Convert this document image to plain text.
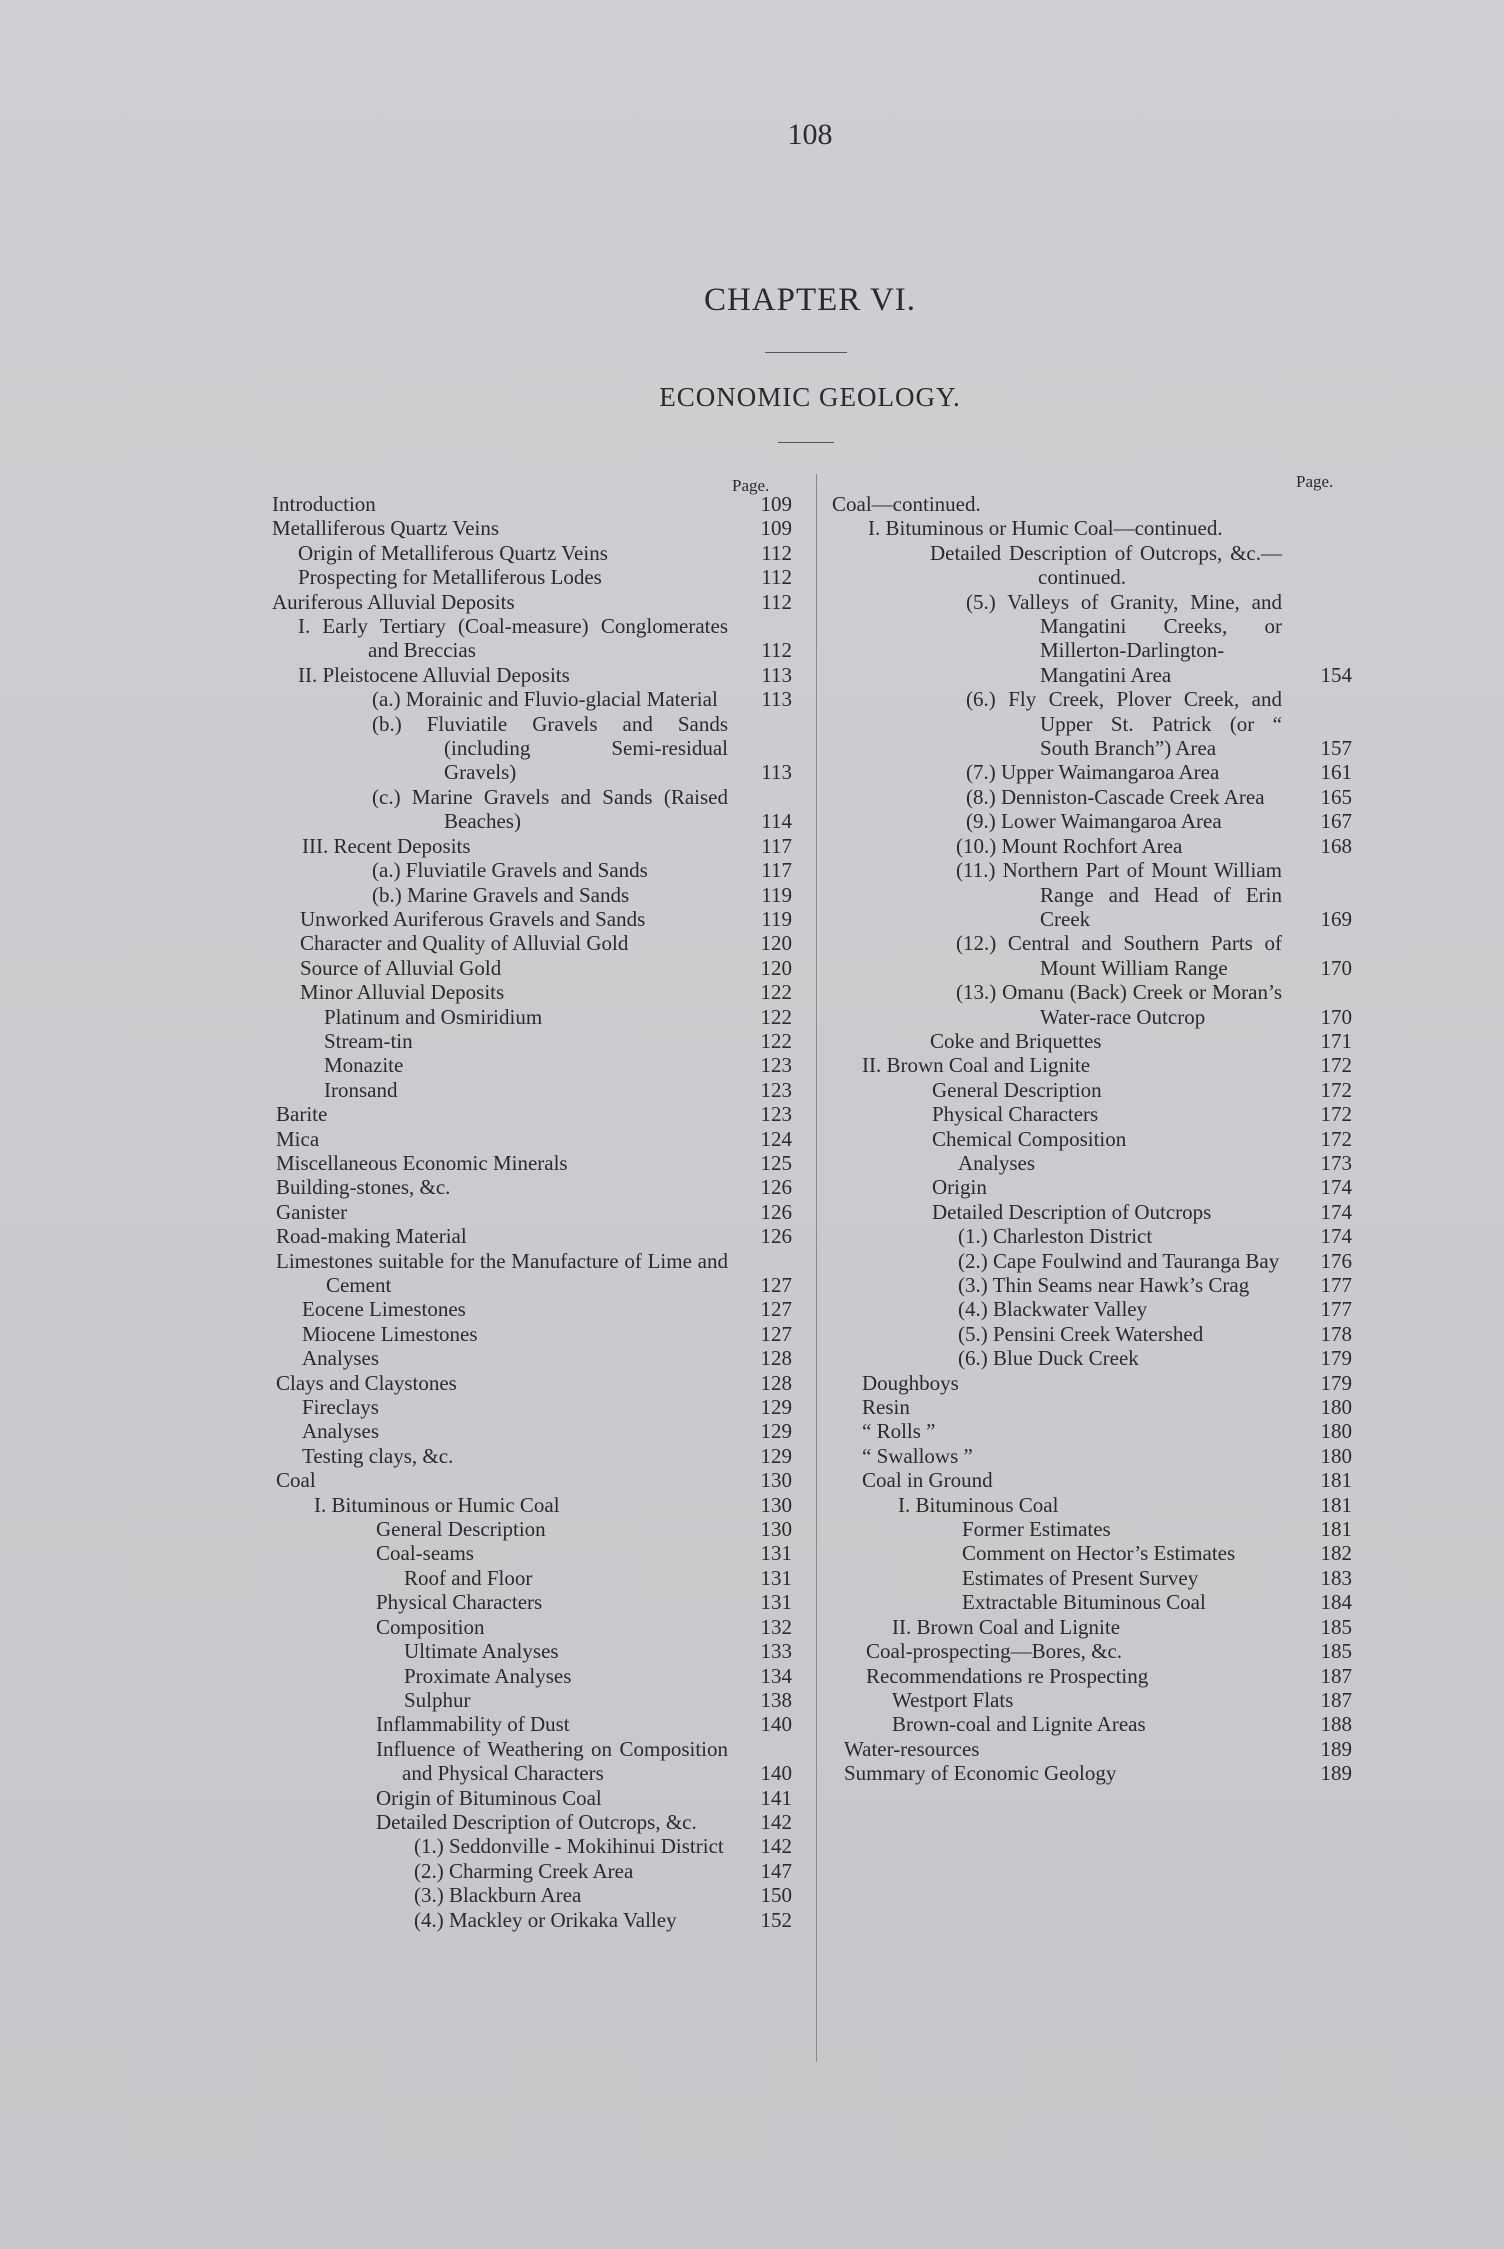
108
CHAPTER VI.
ECONOMIC GEOLOGY.
Page.	Page.
Introduction	109
Metalliferous Quartz Veins	109
Origin of Metalliferous Quartz Veins	112
Prospecting for Metalliferous Lodes	112
Auriferous Alluvial Deposits	112
I. Early Tertiary (Coal-measure) Conglomerates and Breccias	112
II. Pleistocene Alluvial Deposits	113
(a.) Morainic and Fluvio-glacial Material	113
(b.) Fluviatile Gravels and Sands (including Semi-residual Gravels)	113
(c.) Marine Gravels and Sands (Raised Beaches)	114
III. Recent Deposits	117
(a.) Fluviatile Gravels and Sands	117
(b.) Marine Gravels and Sands	119
Unworked Auriferous Gravels and Sands	119
Character and Quality of Alluvial Gold	120
Source of Alluvial Gold	120
Minor Alluvial Deposits	122
Platinum and Osmiridium	122
Stream-tin	122
Monazite	123
Ironsand	123
Barite	123
Mica	124
Miscellaneous Economic Minerals	125
Building-stones, &c.	126
Ganister	126
Road-making Material	126
Limestones suitable for the Manufacture of Lime and Cement	127
Eocene Limestones	127
Miocene Limestones	127
Analyses	128
Clays and Claystones	128
Fireclays	129
Analyses	129
Testing clays, &c.	129
Coal	130
I. Bituminous or Humic Coal	130
General Description	130
Coal-seams	131
Roof and Floor	131
Physical Characters	131
Composition	132
Ultimate Analyses	133
Proximate Analyses	134
Sulphur	138
Inflammability of Dust	140
Influence of Weathering on Composition and Physical Characters	140
Origin of Bituminous Coal	141
Detailed Description of Outcrops, &c.	142
(1.) Seddonville - Mokihinui District	142
(2.) Charming Creek Area	147
(3.) Blackburn Area	150
(4.) Mackley or Orikaka Valley	152
Coal—continued.
I. Bituminous or Humic Coal—continued.
Detailed Description of Outcrops, &c.—continued.
(5.) Valleys of Granity, Mine, and Mangatini Creeks, or Millerton-Darlington-Mangatini Area	154
(6.) Fly Creek, Plover Creek, and Upper St. Patrick (or “ South Branch”) Area	157
(7.) Upper Waimangaroa Area	161
(8.) Denniston-Cascade Creek Area	165
(9.) Lower Waimangaroa Area	167
(10.) Mount Rochfort Area	168
(11.) Northern Part of Mount William Range and Head of Erin Creek	169
(12.) Central and Southern Parts of Mount William Range	170
(13.) Omanu (Back) Creek or Moran’s Water-race Outcrop	170
Coke and Briquettes	171
II. Brown Coal and Lignite	172
General Description	172
Physical Characters	172
Chemical Composition	172
Analyses	173
Origin	174
Detailed Description of Outcrops	174
(1.) Charleston District	174
(2.) Cape Foulwind and Tauranga Bay	176
(3.) Thin Seams near Hawk’s Crag	177
(4.) Blackwater Valley	177
(5.) Pensini Creek Watershed	178
(6.) Blue Duck Creek	179
Doughboys	179
Resin	180
“ Rolls ”	180
“ Swallows ”	180
Coal in Ground	181
I. Bituminous Coal	181
Former Estimates	181
Comment on Hector’s Estimates	182
Estimates of Present Survey	183
Extractable Bituminous Coal	184
II. Brown Coal and Lignite	185
Coal-prospecting—Bores, &c.	185
Recommendations re Prospecting	187
Westport Flats	187
Brown-coal and Lignite Areas	188
Water-resources	189
Summary of Economic Geology	189
